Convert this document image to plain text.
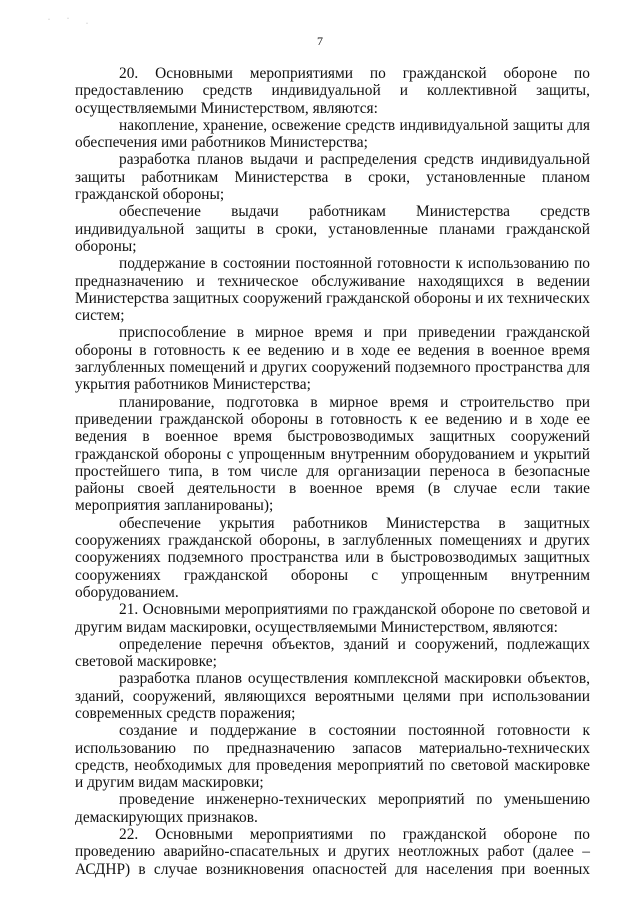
·	·
·
7

20. Основными мероприятиями по гражданской обороне по предоставлению средств индивидуальной и коллективной защиты, осуществляемыми Министерством, являются:

накопление, хранение, освежение средств индивидуальной защиты для обеспечения ими работников Министерства;

разработка планов выдачи и распределения средств индивидуальной защиты работникам Министерства в сроки, установленные планом гражданской обороны;

обеспечение выдачи работникам Министерства средств индивидуальной защиты в сроки, установленные планами гражданской обороны;

поддержание в состоянии постоянной готовности к использованию по предназначению и техническое обслуживание находящихся в ведении Министерства защитных сооружений гражданской обороны и их технических систем;

приспособление в мирное время и при приведении гражданской обороны в готовность к ее ведению и в ходе ее ведения в военное время заглубленных помещений и других сооружений подземного пространства для укрытия работников Министерства;

планирование, подготовка в мирное время и строительство при приведении гражданской обороны в готовность к ее ведению и в ходе ее ведения в военное время быстровозводимых защитных сооружений гражданской обороны с упрощенным внутренним оборудованием и укрытий простейшего типа, в том числе для организации переноса в безопасные районы своей деятельности в военное время (в случае если такие мероприятия запланированы);

обеспечение укрытия работников Министерства в защитных сооружениях гражданской обороны, в заглубленных помещениях и других сооружениях подземного пространства или в быстровозводимых защитных сооружениях гражданской обороны с упрощенным внутренним оборудованием.

21. Основными мероприятиями по гражданской обороне по световой и другим видам маскировки, осуществляемыми Министерством, являются:

определение перечня объектов, зданий и сооружений, подлежащих световой маскировке;

разработка планов осуществления комплексной маскировки объектов, зданий, сооружений, являющихся вероятными целями при использовании современных средств поражения;

создание и поддержание в состоянии постоянной готовности к использованию по предназначению запасов материально-технических средств, необходимых для проведения мероприятий по световой маскировке и другим видам маскировки;

проведение инженерно-технических мероприятий по уменьшению демаскирующих признаков.

22. Основными мероприятиями по гражданской обороне по проведению аварийно-спасательных и других неотложных работ (далее – АСДНР) в случае возникновения опасностей для населения при военных
